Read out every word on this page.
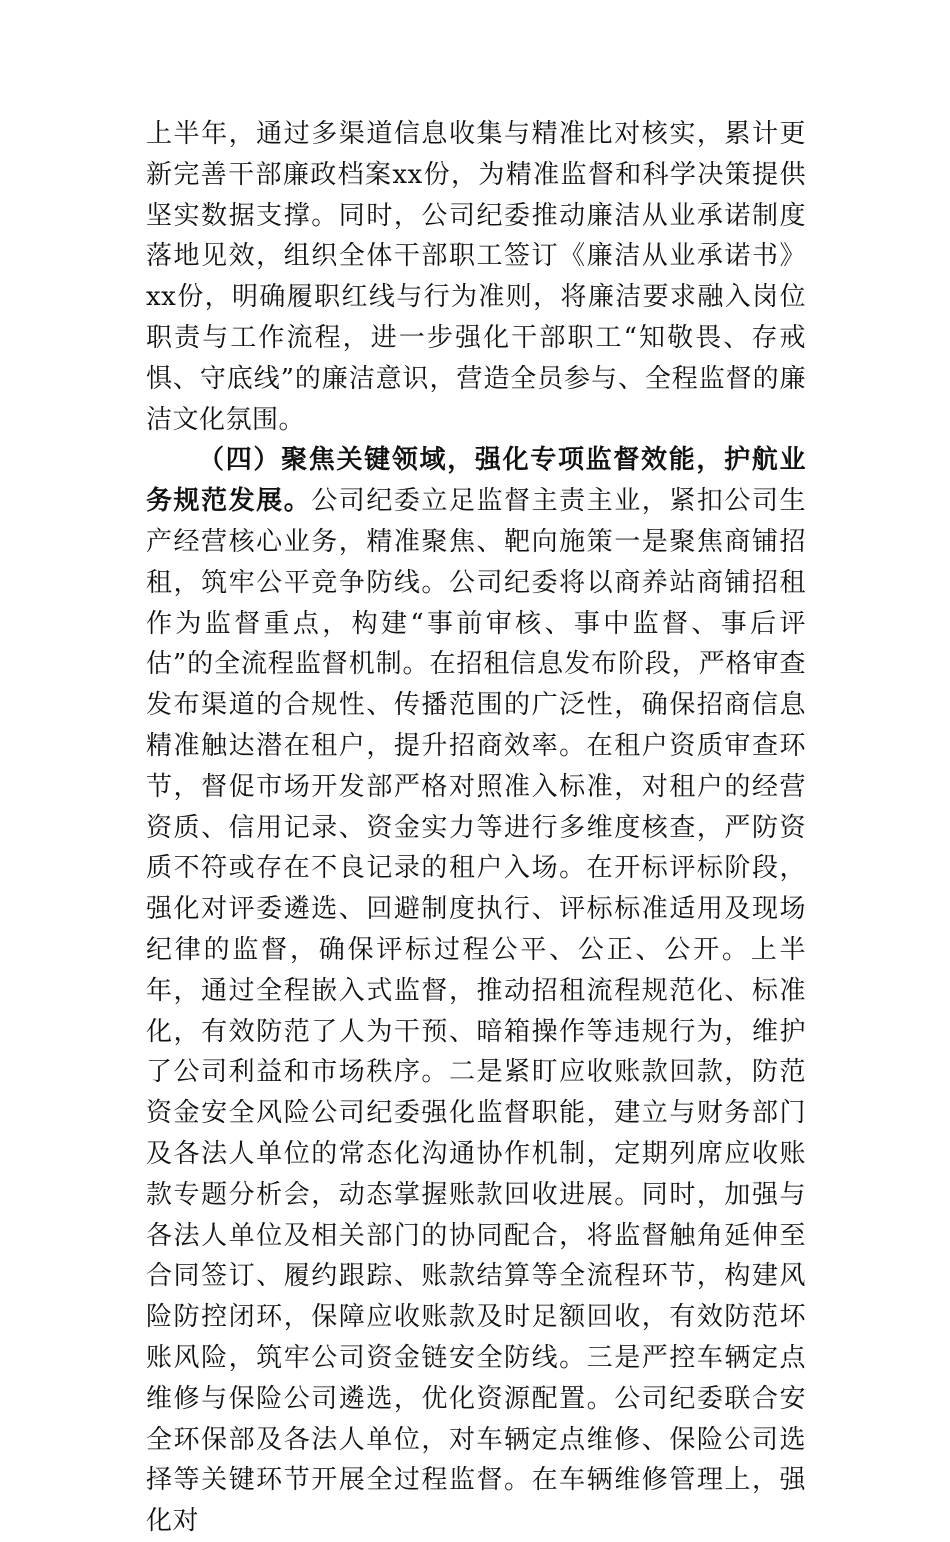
上半年，通过多渠道信息收集与精准比对核实，累计更新完善干部廉政档案xx份，为精准监督和科学决策提供坚实数据支撑。同时，公司纪委推动廉洁从业承诺制度落地见效，组织全体干部职工签订《廉洁从业承诺书》xx份，明确履职红线与行为准则，将廉洁要求融入岗位职责与工作流程，进一步强化干部职工“知敬畏、存戒惧、守底线”的廉洁意识，营造全员参与、全程监督的廉洁文化氛围。

（四）聚焦关键领域，强化专项监督效能，护航业务规范发展。公司纪委立足监督主责主业，紧扣公司生产经营核心业务，精准聚焦、靶向施策一是聚焦商铺招租，筑牢公平竞争防线。公司纪委将以商养站商铺招租作为监督重点，构建“事前审核、事中监督、事后评估”的全流程监督机制。在招租信息发布阶段，严格审查发布渠道的合规性、传播范围的广泛性，确保招商信息精准触达潜在租户，提升招商效率。在租户资质审查环节，督促市场开发部严格对照准入标准，对租户的经营资质、信用记录、资金实力等进行多维度核查，严防资质不符或存在不良记录的租户入场。在开标评标阶段，强化对评委遴选、回避制度执行、评标标准适用及现场纪律的监督，确保评标过程公平、公正、公开。上半年，通过全程嵌入式监督，推动招租流程规范化、标准化，有效防范了人为干预、暗箱操作等违规行为，维护了公司利益和市场秩序。二是紧盯应收账款回款，防范资金安全风险公司纪委强化监督职能，建立与财务部门及各法人单位的常态化沟通协作机制，定期列席应收账款专题分析会，动态掌握账款回收进展。同时，加强与各法人单位及相关部门的协同配合，将监督触角延伸至合同签订、履约跟踪、账款结算等全流程环节，构建风险防控闭环，保障应收账款及时足额回收，有效防范坏账风险，筑牢公司资金链安全防线。三是严控车辆定点维修与保险公司遴选，优化资源配置。公司纪委联合安全环保部及各法人单位，对车辆定点维修、保险公司选择等关键环节开展全过程监督。在车辆维修管理上，强化对
